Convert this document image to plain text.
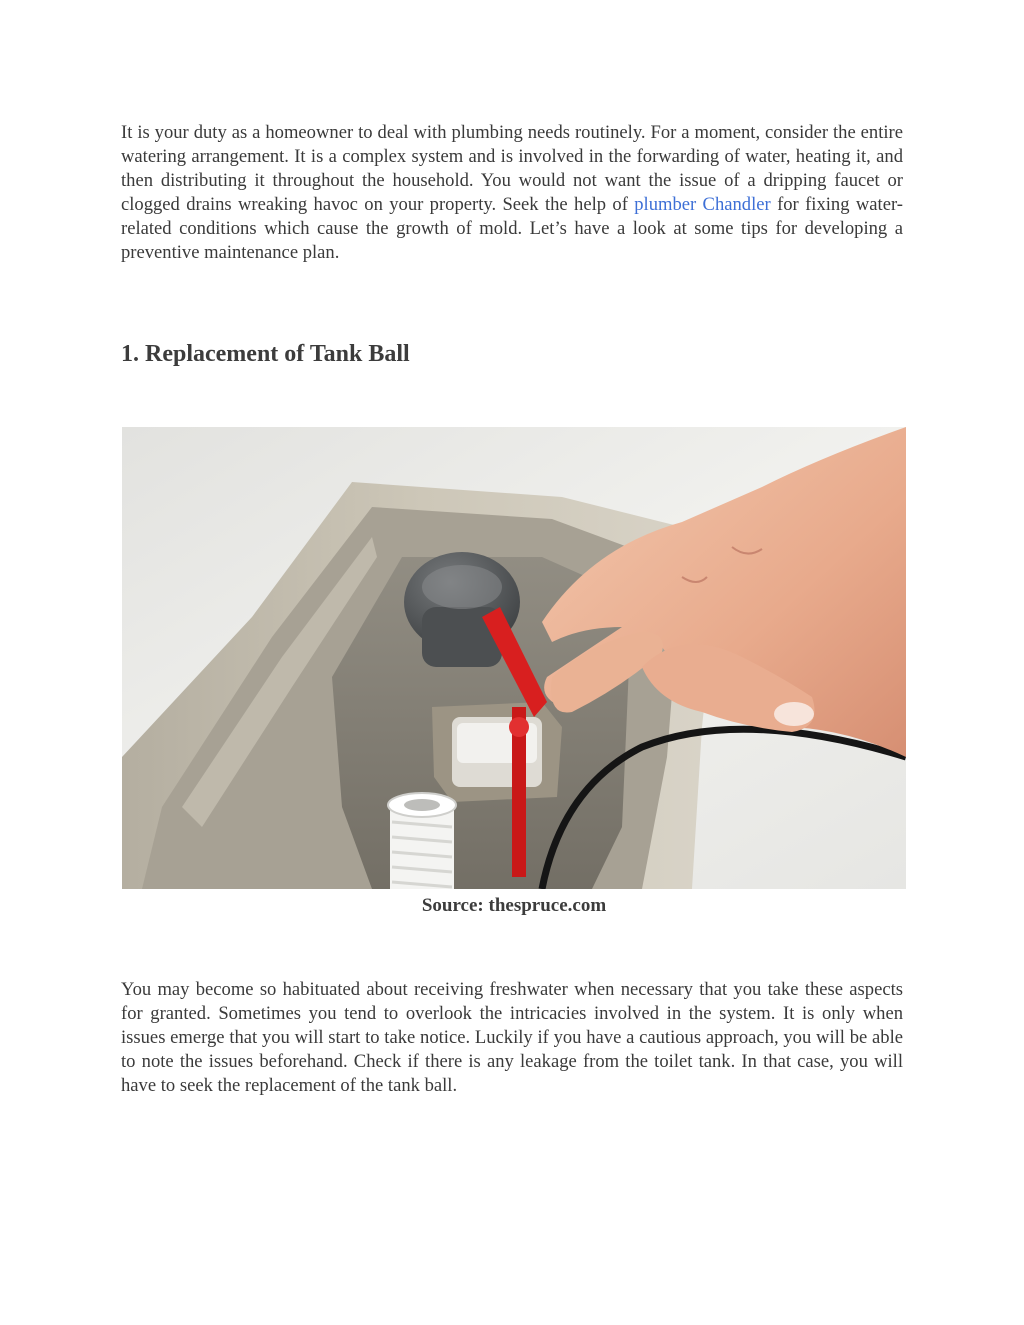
It is your duty as a homeowner to deal with plumbing needs routinely. For a moment, consider the entire watering arrangement. It is a complex system and is involved in the forwarding of water, heating it, and then distributing it throughout the household. You would not want the issue of a dripping faucet or clogged drains wreaking havoc on your property. Seek the help of plumber Chandler for fixing water-related conditions which cause the growth of mold. Let’s have a look at some tips for developing a preventive maintenance plan.

1. Replacement of Tank Ball

Source: thespruce.com

You may become so habituated about receiving freshwater when necessary that you take these aspects for granted. Sometimes you tend to overlook the intricacies involved in the system. It is only when issues emerge that you will start to take notice. Luckily if you have a cautious approach, you will be able to note the issues beforehand. Check if there is any leakage from the toilet tank. In that case, you will have to seek the replacement of the tank ball.
